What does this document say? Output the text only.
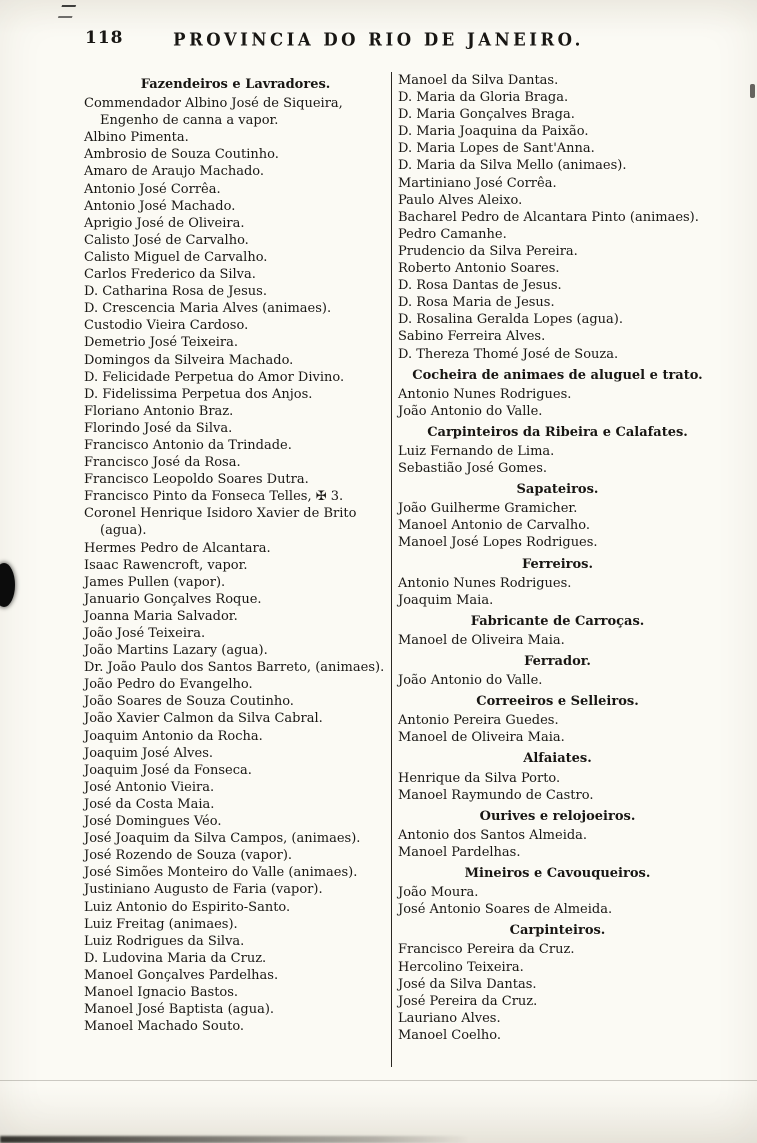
118	PROVINCIA DO RIO DE JANEIRO.
Fazendeiros e Lavradores.
Commendador Albino José de Siqueira, Engenho de canna a vapor.
Albino Pimenta.
Ambrosio de Souza Coutinho.
Amaro de Araujo Machado.
Antonio José Corrêa.
Antonio José Machado.
Aprigio José de Oliveira.
Calisto José de Carvalho.
Calisto Miguel de Carvalho.
Carlos Frederico da Silva.
D. Catharina Rosa de Jesus.
D. Crescencia Maria Alves (animaes).
Custodio Vieira Cardoso.
Demetrio José Teixeira.
Domingos da Silveira Machado.
D. Felicidade Perpetua do Amor Divino.
D. Fidelissima Perpetua dos Anjos.
Floriano Antonio Braz.
Florindo José da Silva.
Francisco Antonio da Trindade.
Francisco José da Rosa.
Francisco Leopoldo Soares Dutra.
Francisco Pinto da Fonseca Telles, ✠ 3.
Coronel Henrique Isidoro Xavier de Brito (agua).
Hermes Pedro de Alcantara.
Isaac Rawencroft, vapor.
James Pullen (vapor).
Januario Gonçalves Roque.
Joanna Maria Salvador.
João José Teixeira.
João Martins Lazary (agua).
Dr. João Paulo dos Santos Barreto, (animaes).
João Pedro do Evangelho.
João Soares de Souza Coutinho.
João Xavier Calmon da Silva Cabral.
Joaquim Antonio da Rocha.
Joaquim José Alves.
Joaquim José da Fonseca.
José Antonio Vieira.
José da Costa Maia.
José Domingues Véo.
José Joaquim da Silva Campos, (animaes).
José Rozendo de Souza (vapor).
José Simões Monteiro do Valle (animaes).
Justiniano Augusto de Faria (vapor).
Luiz Antonio do Espirito-Santo.
Luiz Freitag (animaes).
Luiz Rodrigues da Silva.
D. Ludovina Maria da Cruz.
Manoel Gonçalves Pardelhas.
Manoel Ignacio Bastos.
Manoel José Baptista (agua).
Manoel Machado Souto.
Manoel da Silva Dantas.
D. Maria da Gloria Braga.
D. Maria Gonçalves Braga.
D. Maria Joaquina da Paixão.
D. Maria Lopes de Sant'Anna.
D. Maria da Silva Mello (animaes).
Martiniano José Corrêa.
Paulo Alves Aleixo.
Bacharel Pedro de Alcantara Pinto (animaes).
Pedro Camanhe.
Prudencio da Silva Pereira.
Roberto Antonio Soares.
D. Rosa Dantas de Jesus.
D. Rosa Maria de Jesus.
D. Rosalina Geralda Lopes (agua).
Sabino Ferreira Alves.
D. Thereza Thomé José de Souza.
Cocheira de animaes de aluguel e trato.
Antonio Nunes Rodrigues.
João Antonio do Valle.
Carpinteiros da Ribeira e Calafates.
Luiz Fernando de Lima.
Sebastião José Gomes.
Sapateiros.
João Guilherme Gramicher.
Manoel Antonio de Carvalho.
Manoel José Lopes Rodrigues.
Ferreiros.
Antonio Nunes Rodrigues.
Joaquim Maia.
Fabricante de Carroças.
Manoel de Oliveira Maia.
Ferrador.
João Antonio do Valle.
Correeiros e Selleiros.
Antonio Pereira Guedes.
Manoel de Oliveira Maia.
Alfaiates.
Henrique da Silva Porto.
Manoel Raymundo de Castro.
Ourives e relojoeiros.
Antonio dos Santos Almeida.
Manoel Pardelhas.
Mineiros e Cavouqueiros.
João Moura.
José Antonio Soares de Almeida.
Carpinteiros.
Francisco Pereira da Cruz.
Hercolino Teixeira.
José da Silva Dantas.
José Pereira da Cruz.
Lauriano Alves.
Manoel Coelho.
